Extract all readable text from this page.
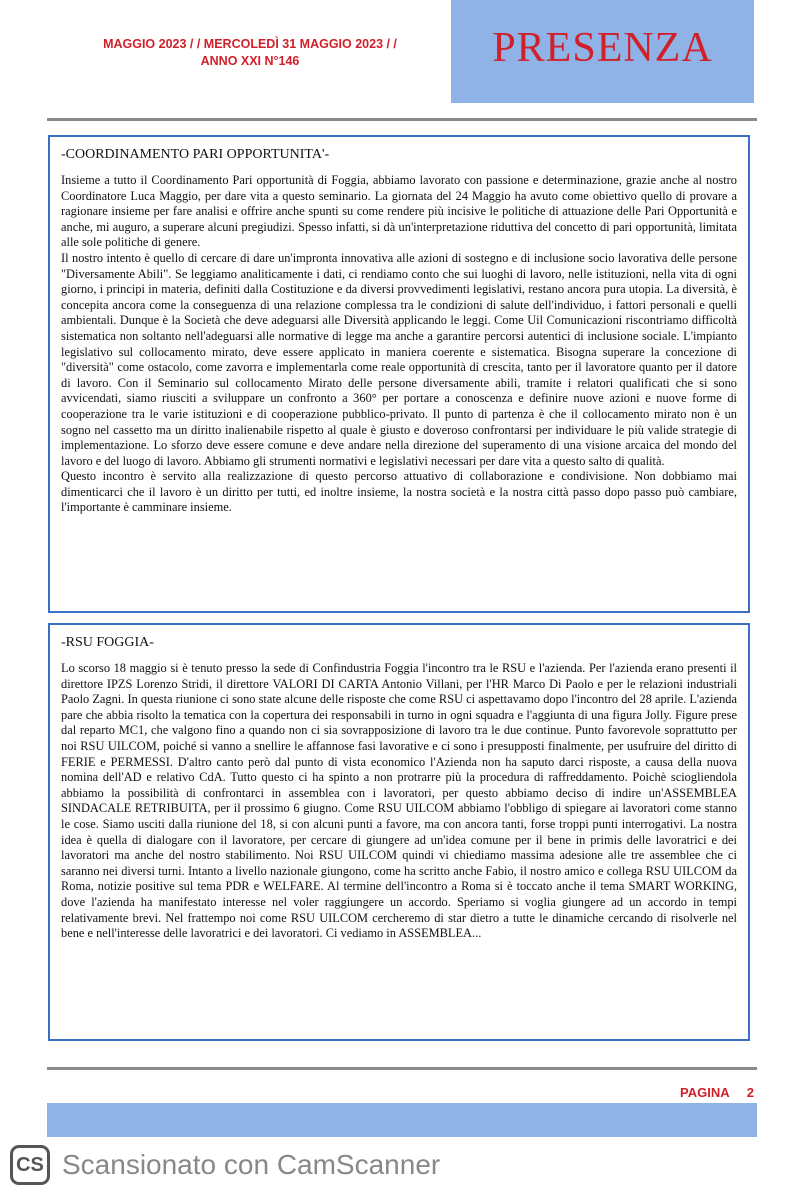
MAGGIO 2023 / / MERCOLEDÌ 31 MAGGIO 2023 / /
ANNO XXI N°146	PRESENZA
-COORDINAMENTO PARI OPPORTUNITA'-

Insieme a tutto il Coordinamento Pari opportunità di Foggia, abbiamo lavorato con passione e determinazione, grazie anche al nostro Coordinatore Luca Maggio, per dare vita a questo seminario. La giornata del 24 Maggio ha avuto come obiettivo quello di provare a ragionare insieme per fare analisi e offrire anche spunti su come rendere più incisive le politiche di attuazione delle Pari Opportunità e anche, mi auguro, a superare alcuni pregiudizi. Spesso infatti, si dà un'interpretazione riduttiva del concetto di pari opportunità, limitata alle sole politiche di genere.

Il nostro intento è quello di cercare di dare un'impronta innovativa alle azioni di sostegno e di inclusione socio lavorativa delle persone "Diversamente Abili". Se leggiamo analiticamente i dati, ci rendiamo conto che sui luoghi di lavoro, nelle istituzioni, nella vita di ogni giorno, i principi in materia, definiti dalla Costituzione e da diversi provvedimenti legislativi, restano ancora pura utopia. La diversità, è concepita ancora come la conseguenza di una relazione complessa tra le condizioni di salute dell'individuo, i fattori personali e quelli ambientali. Dunque è la Società che deve adeguarsi alle Diversità applicando le leggi. Come Uil Comunicazioni riscontriamo difficoltà sistematica non soltanto nell'adeguarsi alle normative di legge ma anche a garantire percorsi autentici di inclusione sociale. L'impianto legislativo sul collocamento mirato, deve essere applicato in maniera coerente e sistematica. Bisogna superare la concezione di "diversità" come ostacolo, come zavorra e implementarla come reale opportunità di crescita, tanto per il lavoratore quanto per il datore di lavoro. Con il Seminario sul collocamento Mirato delle persone diversamente abili, tramite i relatori qualificati che si sono avvicendati, siamo riusciti a sviluppare un confronto a 360° per portare a conoscenza e definire nuove azioni e nuove forme di cooperazione tra le varie istituzioni e di cooperazione pubblico-privato. Il punto di partenza è che il collocamento mirato non è un sogno nel cassetto ma un diritto inalienabile rispetto al quale è giusto e doveroso confrontarsi per individuare le più valide strategie di implementazione. Lo sforzo deve essere comune e deve andare nella direzione del superamento di una visione arcaica del mondo del lavoro e del luogo di lavoro. Abbiamo gli strumenti normativi e legislativi necessari per dare vita a questo salto di qualità.

Questo incontro è servito alla realizzazione di questo percorso attuativo di collaborazione e condivisione. Non dobbiamo mai dimenticarci che il lavoro è un diritto per tutti, ed inoltre insieme, la nostra società e la nostra città passo dopo passo può cambiare, l'importante è camminare insieme.

-RSU FOGGIA-

Lo scorso 18 maggio si è tenuto presso la sede di Confindustria Foggia l'incontro tra le RSU e l'azienda. Per l'azienda erano presenti il direttore IPZS Lorenzo Stridi, il direttore VALORI DI CARTA Antonio Villani, per l'HR Marco Di Paolo e per le relazioni industriali Paolo Zagni. In questa riunione ci sono state alcune delle risposte che come RSU ci aspettavamo dopo l'incontro del 28 aprile. L'azienda pare che abbia risolto la tematica con la copertura dei responsabili in turno in ogni squadra e l'aggiunta di una figura Jolly. Figure prese dal reparto MC1, che valgono fino a quando non ci sia sovrapposizione di lavoro tra le due continue. Punto favorevole soprattutto per noi RSU UILCOM, poiché si vanno a snellire le affannose fasi lavorative e ci sono i presupposti finalmente, per usufruire del diritto di FERIE e PERMESSI. D'altro canto però dal punto di vista economico l'Azienda non ha saputo darci risposte, a causa della nuova nomina dell'AD e relativo CdA. Tutto questo ci ha spinto a non protrarre più la procedura di raffreddamento. Poichè sciogliendola abbiamo la possibilità di confrontarci in assemblea con i lavoratori, per questo abbiamo deciso di indire un'ASSEMBLEA SINDACALE RETRIBUITA, per il prossimo 6 giugno. Come RSU UILCOM abbiamo l'obbligo di spiegare ai lavoratori come stanno le cose. Siamo usciti dalla riunione del 18, si con alcuni punti a favore, ma con ancora tanti, forse troppi punti interrogativi. La nostra idea è quella di dialogare con il lavoratore, per cercare di giungere ad un'idea comune per il bene in primis delle lavoratrici e dei lavoratori ma anche del nostro stabilimento. Noi RSU UILCOM quindi vi chiediamo massima adesione alle tre assemblee che ci saranno nei diversi turni. Intanto a livello nazionale giungono, come ha scritto anche Fabio, il nostro amico e collega RSU UILCOM da Roma, notizie positive sul tema PDR e WELFARE. Al termine dell'incontro a Roma si è toccato anche il tema SMART WORKING, dove l'azienda ha manifestato interesse nel voler raggiungere un accordo. Speriamo si voglia giungere ad un accordo in tempi relativamente brevi. Nel frattempo noi come RSU UILCOM cercheremo di star dietro a tutte le dinamiche cercando di risolverle nel bene e nell'interesse delle lavoratrici e dei lavoratori. Ci vediamo in ASSEMBLEA...

PAGINA 2
CS Scansionato con CamScanner
